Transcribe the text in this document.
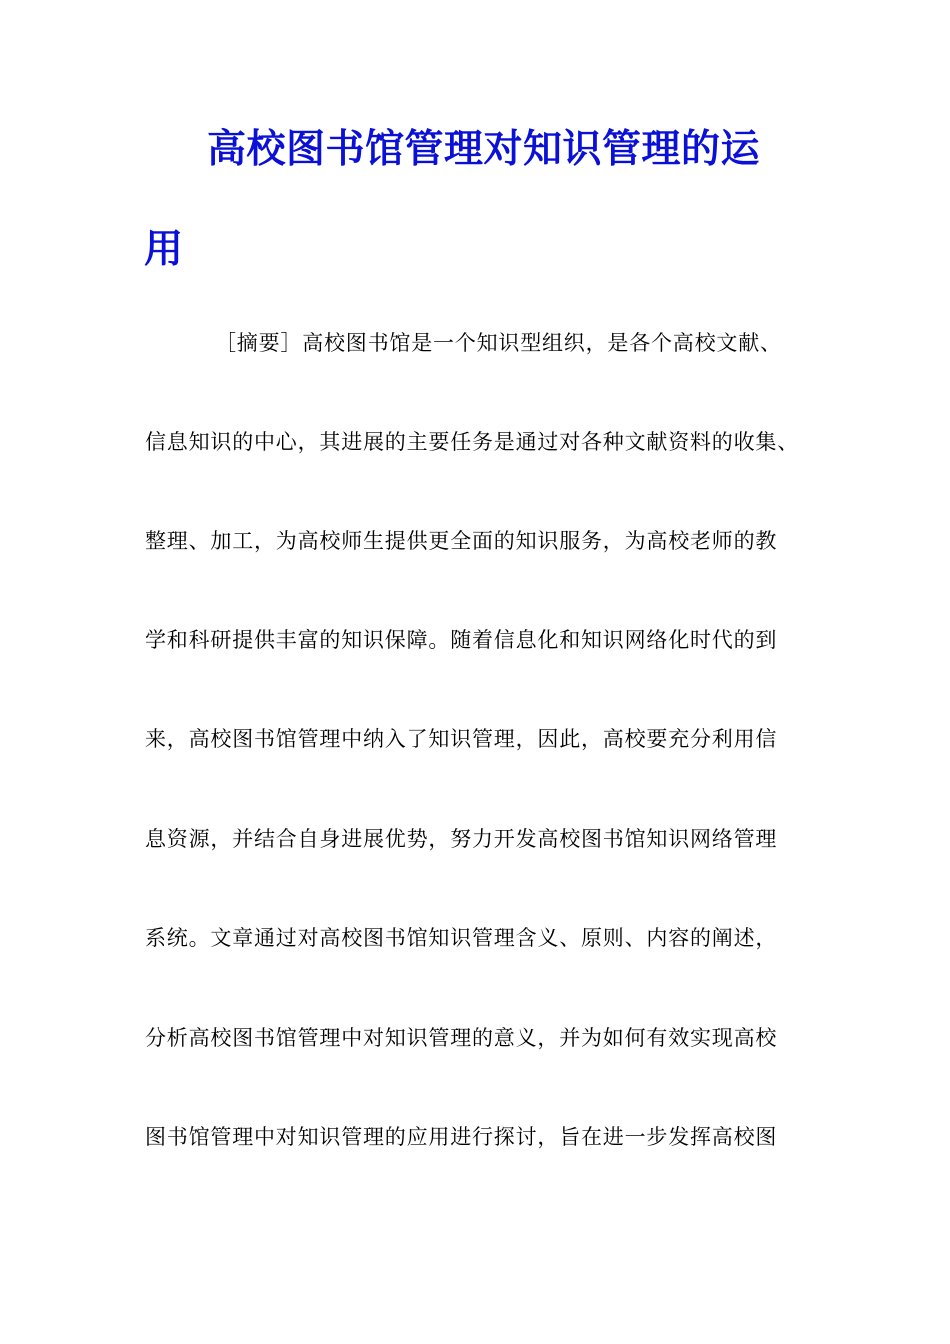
高校图书馆管理对知识管理的运
用
［摘要］高校图书馆是一个知识型组织，是各个高校文献、
信息知识的中心，其进展的主要任务是通过对各种文献资料的收集、
整理、加工，为高校师生提供更全面的知识服务，为高校老师的教
学和科研提供丰富的知识保障。随着信息化和知识网络化时代的到
来，高校图书馆管理中纳入了知识管理，因此，高校要充分利用信
息资源，并结合自身进展优势，努力开发高校图书馆知识网络管理
系统。文章通过对高校图书馆知识管理含义、原则、内容的阐述，
分析高校图书馆管理中对知识管理的意义，并为如何有效实现高校
图书馆管理中对知识管理的应用进行探讨，旨在进一步发挥高校图
